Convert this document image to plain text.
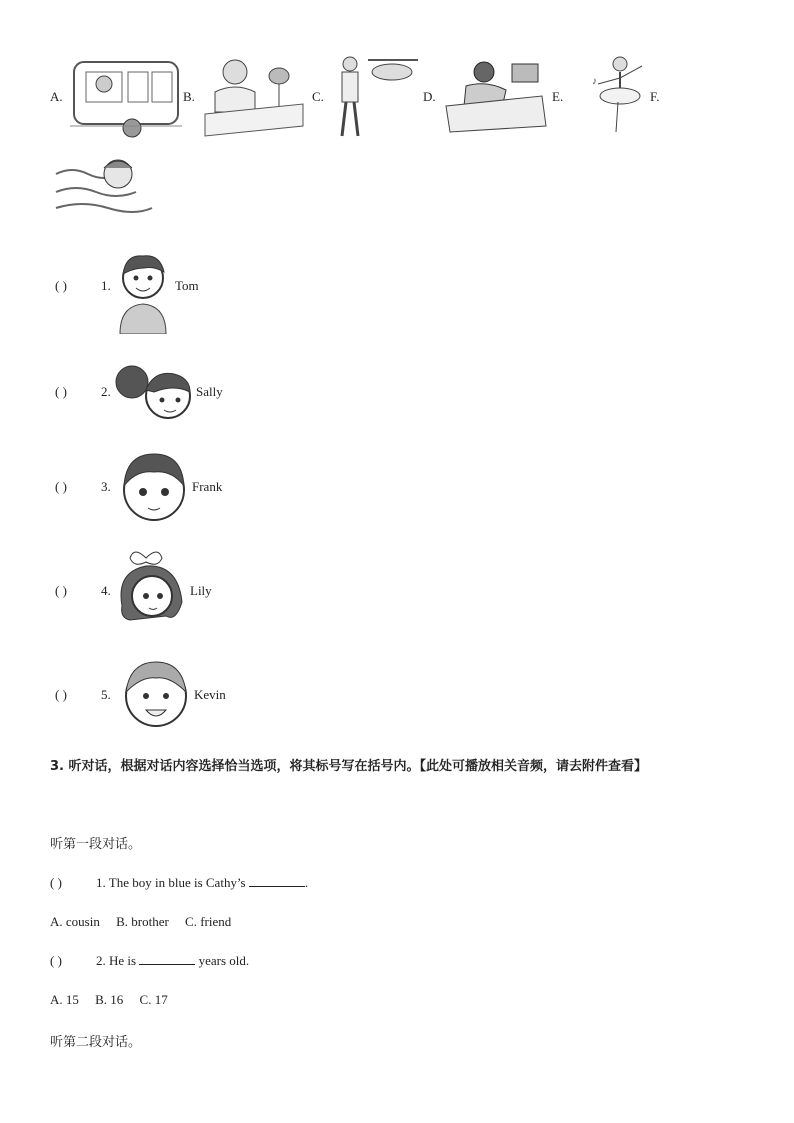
A.	B.	C.	D.	E.
♪
F.
( )	1.	Tom
( )	2.	Sally
( )	3.	Frank
( )	4.	Lily
( )	5.	Kevin
3. 听对话，根据对话内容选择恰当选项，将其标号写在括号内。【此处可播放相关音频，请去附件查看】
听第一段对话。
( )	1. The boy in blue is Cathy’s	.
A. cousin     B. brother     C. friend
( )	2. He is	years old.
A. 15     B. 16     C. 17
听第二段对话。
